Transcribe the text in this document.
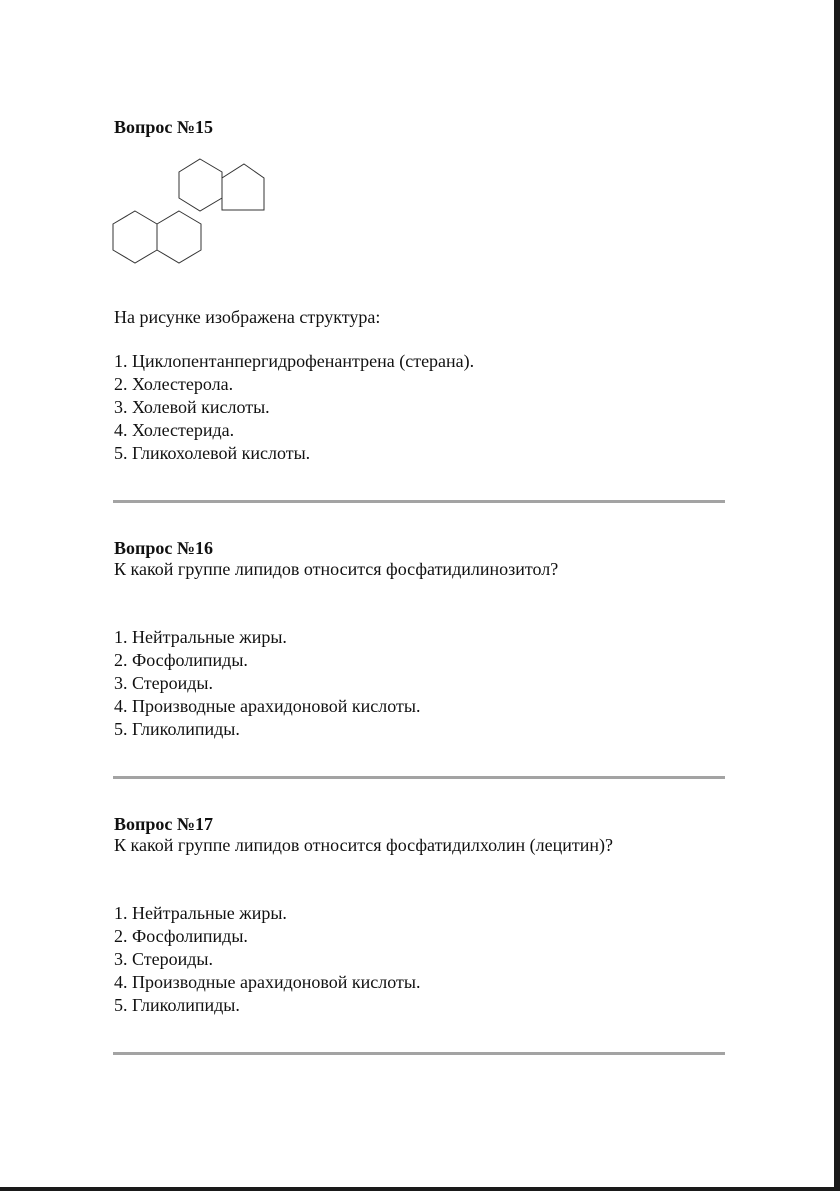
Вопрос №15
На рисунке изображена структура:
1. Циклопентанпергидрофенантрена (стерана).
2. Холестерола.
3. Холевой кислоты.
4. Холестерида.
5. Гликохолевой кислоты.
Вопрос №16
К какой группе липидов относится фосфатидилинозитол?
1. Нейтральные жиры.
2. Фосфолипиды.
3. Стероиды.
4. Производные арахидоновой кислоты.
5. Гликолипиды.
Вопрос №17
К какой группе липидов относится фосфатидилхолин (лецитин)?
1. Нейтральные жиры.
2. Фосфолипиды.
3. Стероиды.
4. Производные арахидоновой кислоты.
5. Гликолипиды.
